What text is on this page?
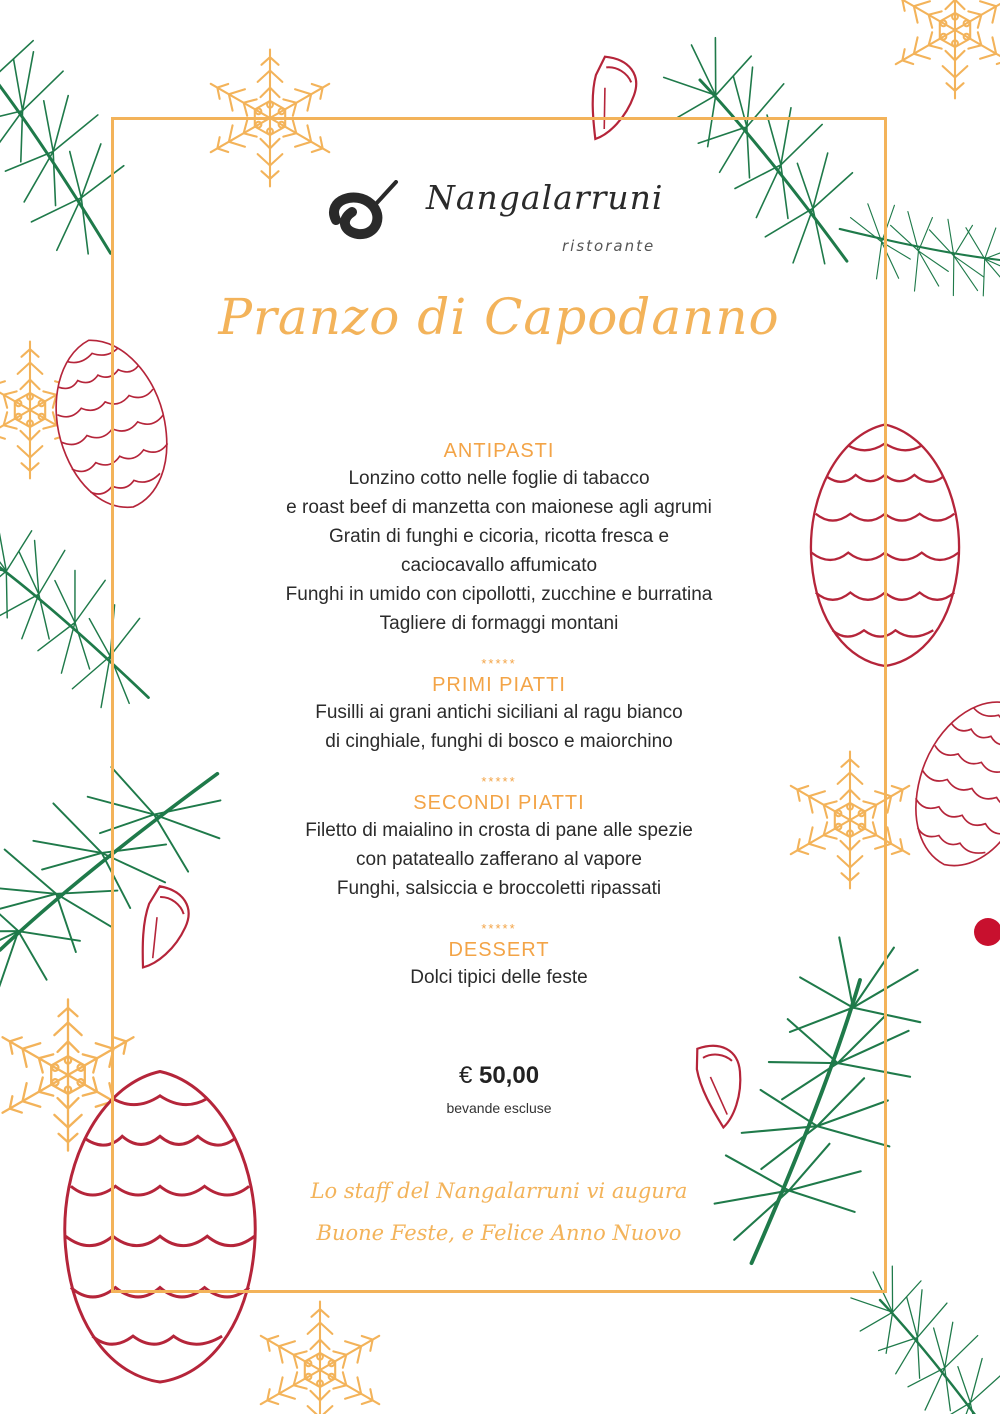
Nangalarruni
ristorante
Pranzo di Capodanno
ANTIPASTI
Lonzino cotto nelle foglie di tabacco
e roast beef di manzetta con maionese agli agrumi
Gratin di funghi e cicoria, ricotta fresca e
caciocavallo affumicato
Funghi in umido con cipollotti, zucchine e burratina
Tagliere di formaggi montani
*****
PRIMI PIATTI
Fusilli ai grani antichi siciliani al ragu bianco
di cinghiale, funghi di bosco e maiorchino
*****
SECONDI PIATTI
Filetto di maialino in crosta di pane alle spezie
con patateallo zafferano al vapore
Funghi, salsiccia e broccoletti ripassati
*****
DESSERT
Dolci tipici delle feste
€ 50,00
bevande escluse
Lo staff del Nangalarruni vi augura
Buone Feste, e Felice Anno Nuovo
